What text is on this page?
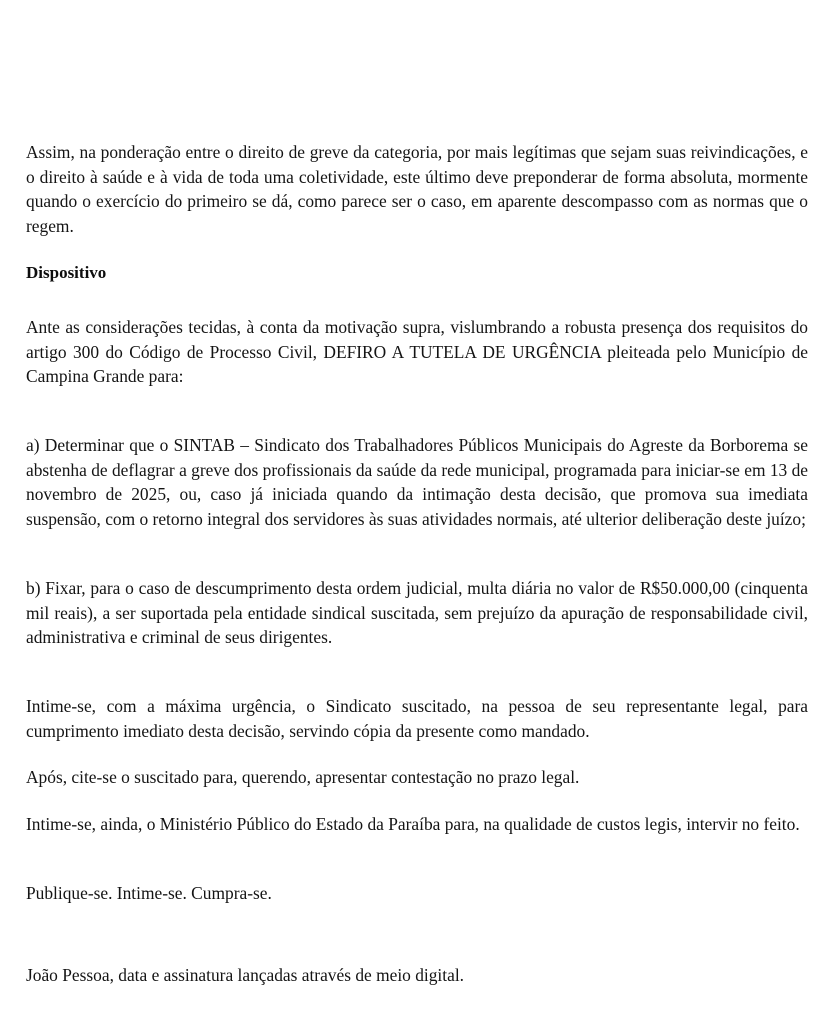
Assim, na ponderação entre o direito de greve da categoria, por mais legítimas que sejam suas reivindicações, e o direito à saúde e à vida de toda uma coletividade, este último deve preponderar de forma absoluta, mormente quando o exercício do primeiro se dá, como parece ser o caso, em aparente descompasso com as normas que o regem.

Dispositivo

Ante as considerações tecidas, à conta da motivação supra, vislumbrando a robusta presença dos requisitos do artigo 300 do Código de Processo Civil, DEFIRO A TUTELA DE URGÊNCIA pleiteada pelo Município de Campina Grande para:

a) Determinar que o SINTAB – Sindicato dos Trabalhadores Públicos Municipais do Agreste da Borborema se abstenha de deflagrar a greve dos profissionais da saúde da rede municipal, programada para iniciar-se em 13 de novembro de 2025, ou, caso já iniciada quando da intimação desta decisão, que promova sua imediata suspensão, com o retorno integral dos servidores às suas atividades normais, até ulterior deliberação deste juízo;

b) Fixar, para o caso de descumprimento desta ordem judicial, multa diária no valor de R$50.000,00 (cinquenta mil reais), a ser suportada pela entidade sindical suscitada, sem prejuízo da apuração de responsabilidade civil, administrativa e criminal de seus dirigentes.

Intime-se, com a máxima urgência, o Sindicato suscitado, na pessoa de seu representante legal, para cumprimento imediato desta decisão, servindo cópia da presente como mandado.

Após, cite-se o suscitado para, querendo, apresentar contestação no prazo legal.

Intime-se, ainda, o Ministério Público do Estado da Paraíba para, na qualidade de custos legis, intervir no feito.

Publique-se. Intime-se. Cumpra-se.

João Pessoa, data e assinatura lançadas através de meio digital.
